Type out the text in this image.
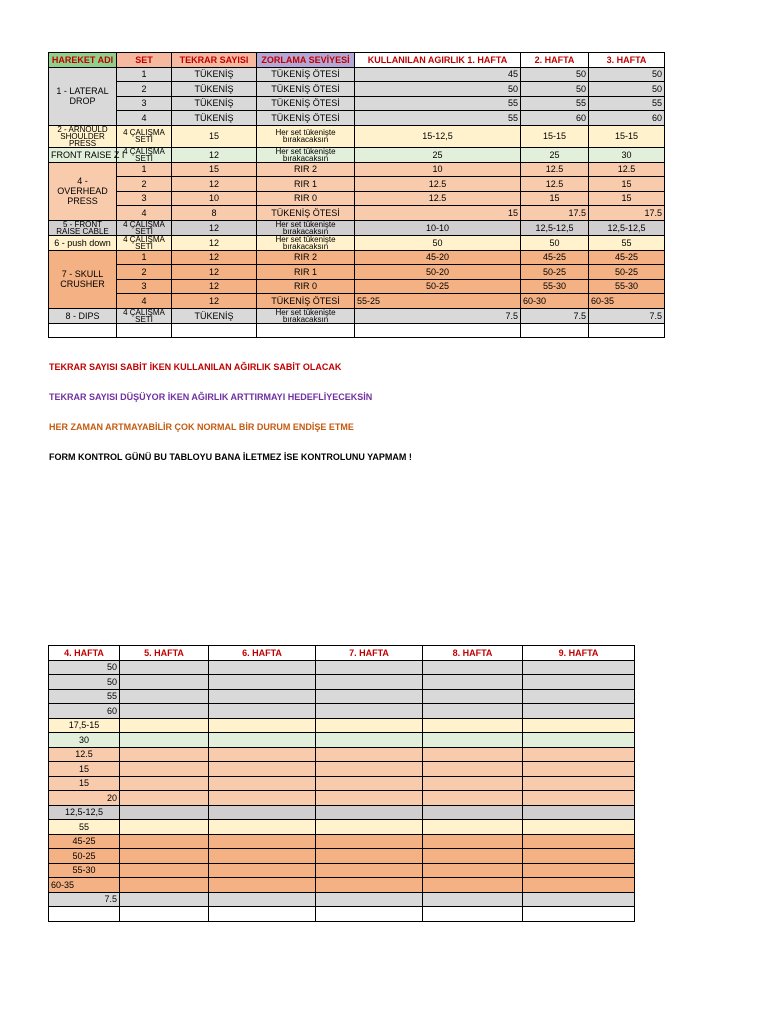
HAREKET ADI	SET	TEKRAR SAYISI	ZORLAMA SEVİYESİ	KULLANILAN AGIRLIK 1. HAFTA	2. HAFTA	3. HAFTA
1 - LATERAL DROP	1	TÜKENİŞ	TÜKENİŞ ÖTESİ	45	50	50
	2	TÜKENİŞ	TÜKENİŞ ÖTESİ	50	50	50
	3	TÜKENİŞ	TÜKENİŞ ÖTESİ	55	55	55
	4	TÜKENİŞ	TÜKENİŞ ÖTESİ	55	60	60
2 - ARNOULD SHOULDER PRESS	4 ÇALIŞMA SETİ	15	Her set tükenişte bırakacaksın	15-12,5	15-15	15-15
FRONT RAISE Z I	4 ÇALIŞMA SETİ	12	Her set tükenişte bırakacaksın	25	25	30
4 - OVERHEAD PRESS	1	15	RIR 2	10	12.5	12.5
	2	12	RIR 1	12.5	12.5	15
	3	10	RIR 0	12.5	15	15
	4	8	TÜKENİŞ ÖTESİ	15	17.5	17.5
5 - FRONT RAISE CABLE	4 ÇALIŞMA SETİ	12	Her set tükenişte bırakacaksın	10-10	12,5-12,5	12,5-12,5
6 - push down	4 ÇALIŞMA SETİ	12	Her set tükenişte bırakacaksın	50	50	55
7 - SKULL CRUSHER	1	12	RIR 2	45-20	45-25	45-25
	2	12	RIR 1	50-20	50-25	50-25
	3	12	RIR 0	50-25	55-30	55-30
	4	12	TÜKENİŞ ÖTESİ	55-25	60-30	60-35
8 - DIPS	4 ÇALIŞMA SETİ	TÜKENİŞ	Her set tükenişte bırakacaksın	7.5	7.5	7.5

TEKRAR SAYISI SABİT İKEN KULLANILAN AĞIRLIK SABİT OLACAK
TEKRAR SAYISI DÜŞÜYOR İKEN AĞIRLIK ARTTIRMAYI HEDEFLİYECEKSİN
HER ZAMAN ARTMAYABİLİR ÇOK NORMAL BİR DURUM ENDİŞE ETME
FORM KONTROL GÜNÜ BU TABLOYU BANA İLETMEZ İSE KONTROLUNU YAPMAM !
4. HAFTA	5. HAFTA	6. HAFTA	7. HAFTA	8. HAFTA	9. HAFTA
50					
50					
55					
60					
17,5-15					
30					
12.5					
15					
15					
20					
12,5-12,5					
55					
45-25					
50-25					
55-30					
60-35					
7.5					
